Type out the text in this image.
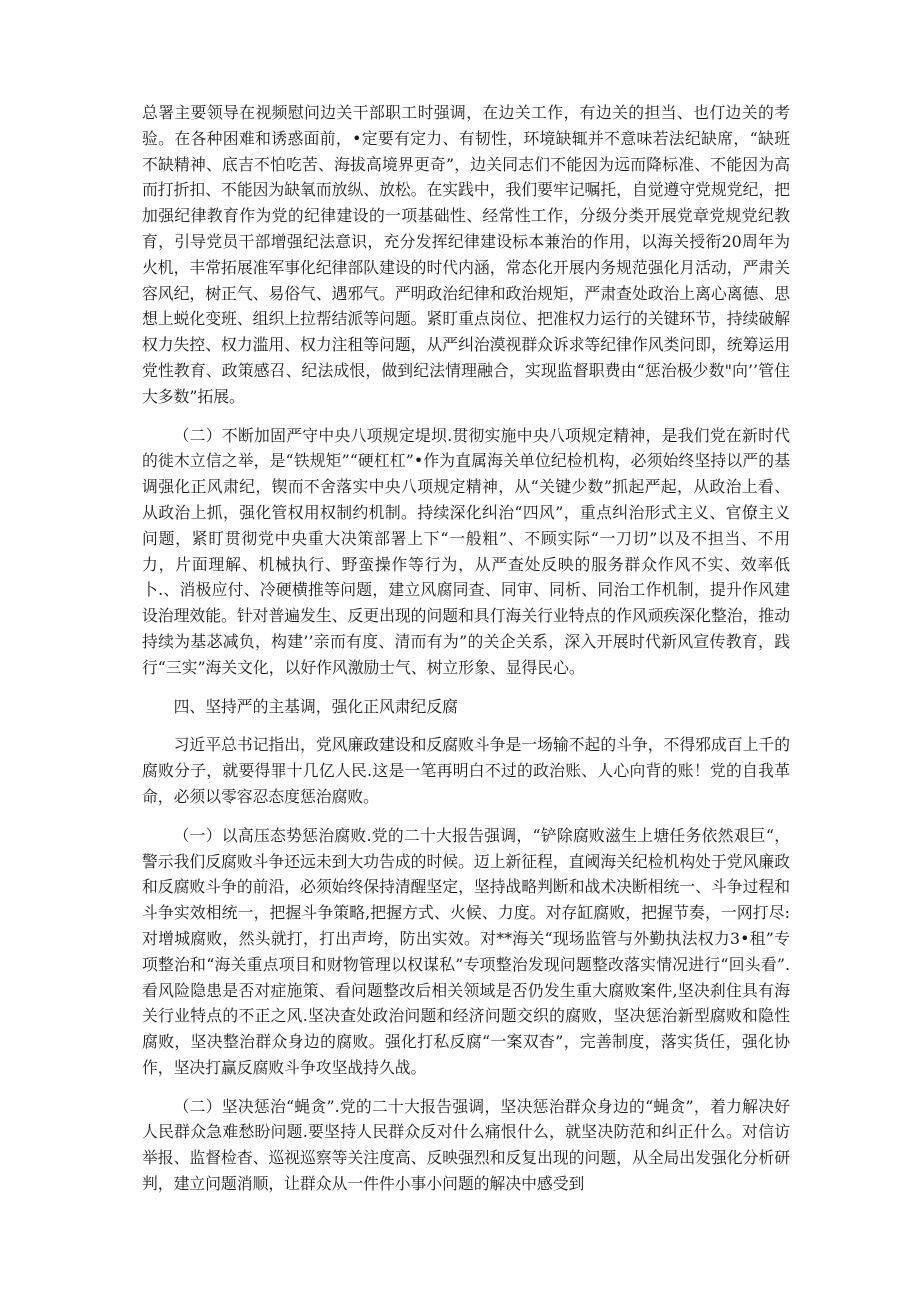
总署主要领导在视频慰问边关干部职工时强调，在边关工作，有边关的担当、也仃边关的考验。在各种困难和诱惑面前，•定要有定力、有韧性，环境缺辄并不意味若法纪缺席，“缺班不缺精神、底吉不怕吃苦、海拔高境界更奇”，边关同志们不能因为远而降标准、不能因为高而打折扣、不能因为缺氧而放纵、放松。在实践中，我们要牢记嘱托，自觉遵守党规党纪，把加强纪律教育作为党的纪律建设的一项基础性、经常性工作，分级分类开展党章党规党纪教育，引导党员干部增强纪法意识，充分发挥纪律建设标本兼治的作用，以海关授衔20周年为火机，丰常拓展准军事化纪律部队建设的时代内涵，常态化开展内务规范强化月活动，严肃关容风纪，树正气、易俗气、遇邪气。严明政治纪律和政治规矩，严肃查处政治上离心离德、思想上蜕化变班、组织上拉帮结派等问题。紧盯重点岗位、把准权力运行的关键环节，持续破解权力失控、权力滥用、权力注租等问题，从严纠治漠视群众诉求等纪律作风类问即，统筹运用党性教育、政策感召、纪法成恨，做到纪法情理融合，实现监督职费由“惩治极少数"向’’管住大多数”拓展。

（二）不断加固严守中央八项规定堤坝.贯彻实施中央八项规定精神，是我们党在新时代的徙木立信之举，是“铁规矩”“硬杠杠”•作为直属海关单位纪检机构，必须始终坚持以严的基调强化正风肃纪，锲而不舍落实中央八项规定精神，从“关键少数”抓起严起，从政治上看、从政治上抓，强化管权用权制约机制。持续深化纠治“四风”，重点纠治形式主义、官僚主义问题，紧盯贯彻党中央重大决策部署上下“一般粗”、不顾实际“一刀切”以及不担当、不用力，片面理解、机械执行、野蛮操作等行为，从严查处反映的服务群众作风不实、效率低卜.、消极应付、冷硬横推等问题，建立风腐同查、同审、同析、同治工作机制，提升作风建设治理效能。针对普遍发生、反更出现的问题和具仃海关行业特点的作风顽疾深化整治，推动持续为基苾减负，构建’’亲而有度、清而有为”的关企关系，深入开展时代新风宣传教育，践行“三实”海关文化，以好作风激励士气、树立形象、显得民心。

四、坚持严的主基调，强化正风肃纪反腐

习近平总书记指出，党风廉政建设和反腐败斗争是一场输不起的斗争，不得邪成百上千的腐败分子，就要得罪十几亿人民.这是一笔再明白不过的政治账、人心向背的账！党的自我革命，必须以零容忍态度惩治腐败。

（一）以高压态势惩治腐败.党的二十大报告强调，“铲除腐败滋生上塘任务依然艰巨“，警示我们反腐败斗争还远未到大功告成的时候。迈上新征程，直阈海关纪检机构处于党风廉政和反腐败斗争的前沿，必须始终保持清醒坚定，坚持战略判断和战术决断相统一、斗争过程和斗争实效相统一，把握斗争策略,把握方式、火候、力度。对存缸腐败，把握节奏，一网打尽:对增城腐败，然头就打，打出声垮，防出实效。对**海关“现场监管与外勤执法权力3•租”专项整治和“海关重点项目和财物管理以权谋私”专项整治发现问题整改落实情况进行“回头看”.看风险隐患是否对症施策、看问题整改后相关领域是否仍发生重大腐败案件,坚决刹住具有海关行业特点的不正之风.坚决查处政治问题和经济问题交织的腐败，坚决惩治新型腐败和隐性腐败，坚决整治群众身边的腐败。强化打私反腐“一案双杳”，完善制度，落实货任，强化协作，坚决打赢反腐败斗争攻坚战持久战。

（二）坚决惩治“蝇贪”.党的二十大报告强调，坚决惩治群众身边的“蝇贪”，着力解决好人民群众急难愁盼问题.要坚持人民群众反对什么痛恨什么，就坚决防范和纠正什么。对信访举报、监督检杳、巡视巡察等关注度高、反映强烈和反复出现的问题，从全局出发强化分析研判，建立问题消顺，让群众从一件件小事小问题的解决中感受到
